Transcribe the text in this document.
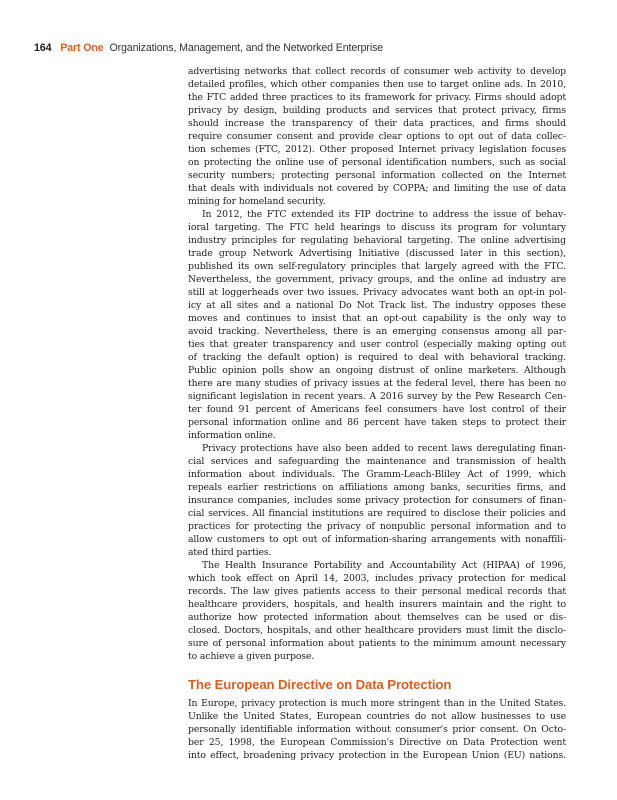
164 Part One Organizations, Management, and the Networked Enterprise
advertising networks that collect records of consumer web activity to develop
detailed profiles, which other companies then use to target online ads. In 2010,
the FTC added three practices to its framework for privacy. Firms should adopt
privacy by design, building products and services that protect privacy, firms
should increase the transparency of their data practices, and firms should
require consumer consent and provide clear options to opt out of data collec-
tion schemes (FTC, 2012). Other proposed Internet privacy legislation focuses
on protecting the online use of personal identification numbers, such as social
security numbers; protecting personal information collected on the Internet
that deals with individuals not covered by COPPA; and limiting the use of data
mining for homeland security.
In 2012, the FTC extended its FIP doctrine to address the issue of behav-
ioral targeting. The FTC held hearings to discuss its program for voluntary
industry principles for regulating behavioral targeting. The online advertising
trade group Network Advertising Initiative (discussed later in this section),
published its own self-regulatory principles that largely agreed with the FTC.
Nevertheless, the government, privacy groups, and the online ad industry are
still at loggerheads over two issues. Privacy advocates want both an opt-in pol-
icy at all sites and a national Do Not Track list. The industry opposes these
moves and continues to insist that an opt-out capability is the only way to
avoid tracking. Nevertheless, there is an emerging consensus among all par-
ties that greater transparency and user control (especially making opting out
of tracking the default option) is required to deal with behavioral tracking.
Public opinion polls show an ongoing distrust of online marketers. Although
there are many studies of privacy issues at the federal level, there has been no
significant legislation in recent years. A 2016 survey by the Pew Research Cen-
ter found 91 percent of Americans feel consumers have lost control of their
personal information online and 86 percent have taken steps to protect their
information online.
Privacy protections have also been added to recent laws deregulating finan-
cial services and safeguarding the maintenance and transmission of health
information about individuals. The Gramm-Leach-Bliley Act of 1999, which
repeals earlier restrictions on affiliations among banks, securities firms, and
insurance companies, includes some privacy protection for consumers of finan-
cial services. All financial institutions are required to disclose their policies and
practices for protecting the privacy of nonpublic personal information and to
allow customers to opt out of information-sharing arrangements with nonaffili-
ated third parties.
The Health Insurance Portability and Accountability Act (HIPAA) of 1996,
which took effect on April 14, 2003, includes privacy protection for medical
records. The law gives patients access to their personal medical records that
healthcare providers, hospitals, and health insurers maintain and the right to
authorize how protected information about themselves can be used or dis-
closed. Doctors, hospitals, and other healthcare providers must limit the disclo-
sure of personal information about patients to the minimum amount necessary
to achieve a given purpose.
The European Directive on Data Protection
In Europe, privacy protection is much more stringent than in the United States.
Unlike the United States, European countries do not allow businesses to use
personally identifiable information without consumer's prior consent. On Octo-
ber 25, 1998, the European Commission's Directive on Data Protection went
into effect, broadening privacy protection in the European Union (EU) nations.
